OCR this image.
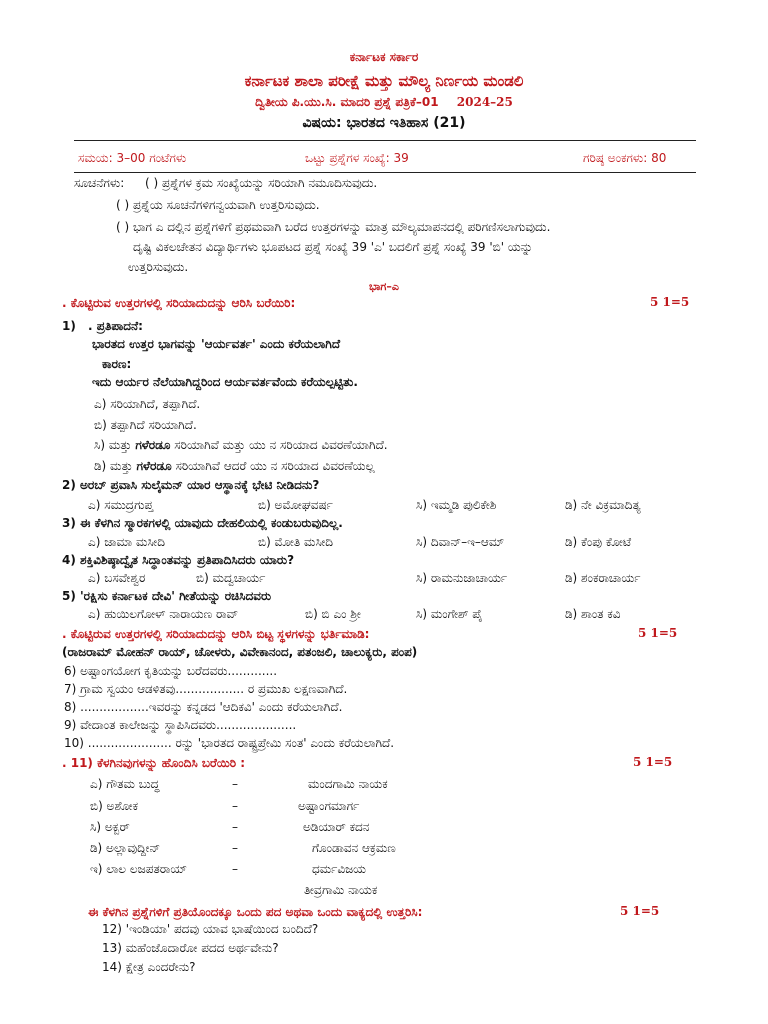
ಕರ್ನಾಟಕ ಸರ್ಕಾರ
ಕರ್ನಾಟಕ ಶಾಲಾ ಪರೀಕ್ಷೆ ಮತ್ತು ಮೌಲ್ಯ ನಿರ್ಣಯ ಮಂಡಲಿ
ದ್ವಿತೀಯ ಪಿ.ಯು.ಸಿ. ಮಾದರಿ ಪ್ರಶ್ನೆ ಪತ್ರಿಕೆ–01 2024–25
ವಿಷಯ: ಭಾರತದ ಇತಿಹಾಸ (21)
ಸಮಯ: 3–00 ಗಂಟೆಗಳು	ಒಟ್ಟು ಪ್ರಶ್ನೆಗಳ ಸಂಖ್ಯೆ: 39	ಗರಿಷ್ಠ ಅಂಕಗಳು: 80
ಸೂಚನೆಗಳು: ( ) ಪ್ರಶ್ನೆಗಳ ಕ್ರಮ ಸಂಖ್ಯೆಯನ್ನು ಸರಿಯಾಗಿ ನಮೂದಿಸುವುದು.
( ) ಪ್ರಶ್ನೆಯ ಸೂಚನೆಗಳಿಗನ್ವಯವಾಗಿ ಉತ್ತರಿಸುವುದು.
( ) ಭಾಗ ಎ ದಲ್ಲಿನ ಪ್ರಶ್ನೆಗಳಿಗೆ ಪ್ರಥಮವಾಗಿ ಬರೆದ ಉತ್ತರಗಳನ್ನು ಮಾತ್ರ ಮೌಲ್ಯಮಾಪನದಲ್ಲಿ ಪರಿಗಣಿಸಲಾಗುವುದು.
ದೃಷ್ಟಿ ವಿಕಲಚೇತನ ವಿದ್ಯಾರ್ಥಿಗಳು ಭೂಪಟದ ಪ್ರಶ್ನೆ ಸಂಖ್ಯೆ 39 'ಎ' ಬದಲಿಗೆ ಪ್ರಶ್ನೆ ಸಂಖ್ಯೆ 39 'ಬಿ' ಯನ್ನು
ಉತ್ತರಿಸುವುದು.
ಭಾಗ–ಎ
. ಕೊಟ್ಟಿರುವ ಉತ್ತರಗಳಲ್ಲಿ ಸರಿಯಾದುದನ್ನು ಆರಿಸಿ ಬರೆಯಿರಿ:	5 1=5
1) . ಪ್ರತಿಪಾದನೆ:
ಭಾರತದ ಉತ್ತರ ಭಾಗವನ್ನು 'ಆರ್ಯವರ್ತ' ಎಂದು ಕರೆಯಲಾಗಿದೆ
ಕಾರಣ:
ಇದು ಆರ್ಯರ ನೆಲೆಯಾಗಿದ್ದರಿಂದ ಆರ್ಯವರ್ತವೆಂದು ಕರೆಯಲ್ಪಟ್ಟಿತು.
ಎ) ಸರಿಯಾಗಿದೆ, ತಪ್ಪಾಗಿದೆ.
ಬಿ) ತಪ್ಪಾಗಿದೆ ಸರಿಯಾಗಿದೆ.
ಸಿ) ಮತ್ತು ಗಳೆರಡೂ ಸರಿಯಾಗಿವೆ ಮತ್ತು ಯು ನ ಸರಿಯಾದ ವಿವರಣೆಯಾಗಿದೆ.
ಡಿ) ಮತ್ತು ಗಳೆರಡೂ ಸರಿಯಾಗಿವೆ ಆದರೆ ಯು ನ ಸರಿಯಾದ ವಿವರಣೆಯಲ್ಲ
2) ಅರಬ್ ಪ್ರವಾಸಿ ಸುಲೈಮನ್ ಯಾರ ಆಸ್ಥಾನಕ್ಕೆ ಭೇಟಿ ನೀಡಿದನು?
ಎ) ಸಮುದ್ರಗುಪ್ತ	ಬಿ) ಅಮೋಘವರ್ಷ	ಸಿ) ಇಮ್ಮಡಿ ಪುಲಿಕೇಶಿ	ಡಿ) ನೇ ವಿಕ್ರಮಾದಿತ್ಯ
3) ಈ ಕೆಳಗಿನ ಸ್ಮಾರಕಗಳಲ್ಲಿ ಯಾವುದು ದೇಹಲಿಯಲ್ಲಿ ಕಂಡುಬರುವುದಿಲ್ಲ.
ಎ) ಜಾಮಾ ಮಸೀದಿ	ಬಿ) ಮೋತಿ ಮಸೀದಿ	ಸಿ) ದಿವಾನ್–ಇ–ಆಮ್	ಡಿ) ಕೆಂಪು ಕೋಟೆ
4) ಶಕ್ತಿವಿಶಿಷ್ಠಾದ್ವೈತ ಸಿದ್ಧಾಂತವನ್ನು ಪ್ರತಿಪಾದಿಸಿದರು ಯಾರು?
ಎ) ಬಸವೇಶ್ವರ	ಬಿ) ಮದ್ವಚಾರ್ಯ	ಸಿ) ರಾಮನುಜಾಚಾರ್ಯ	ಡಿ) ಶಂಕರಾಚಾರ್ಯ
5) 'ರಕ್ಷಿಸು ಕರ್ನಾಟಕ ದೇವಿ' ಗೀತೆಯನ್ನು ರಚಿಸಿದವರು
ಎ) ಹುಯಿಲಗೋಳ್ ನಾರಾಯಣ ರಾವ್	ಬಿ) ಬಿ ಎಂ ಶ್ರೀ	ಸಿ) ಮಂಗೇಶ್ ಪೈ	ಡಿ) ಶಾಂತ ಕವಿ
. ಕೊಟ್ಟಿರುವ ಉತ್ತರಗಳಲ್ಲಿ ಸರಿಯಾದುದನ್ನು ಆರಿಸಿ ಬಿಟ್ಟ ಸ್ಥಳಗಳನ್ನು ಭರ್ತಿಮಾಡಿ:	5 1=5
(ರಾಜರಾಮ್ ಮೋಹನ್ ರಾಯ್, ಚೋಳರು, ವಿವೇಕಾನಂದ, ಪತಂಜಲಿ, ಚಾಲುಕ್ಯರು, ಪಂಪ)
6) ಅಷ್ಟಾಂಗಯೋಗ ಕೃತಿಯನ್ನು ಬರೆದವರು.............
7) ಗ್ರಾಮ ಸ್ವಯಂ ಆಡಳಿತವು.................. ರ ಪ್ರಮುಖ ಲಕ್ಷಣವಾಗಿದೆ.
8) ..................ಇವರನ್ನು ಕನ್ನಡದ 'ಆದಿಕವಿ' ಎಂದು ಕರೆಯಲಾಗಿದೆ.
9) ವೇದಾಂತ ಕಾಲೇಜನ್ನು ಸ್ಥಾಪಿಸಿದವರು.....................
10) ...................... ರನ್ನು 'ಭಾರತದ ರಾಷ್ಟ್ರಪ್ರೇಮಿ ಸಂತ' ಎಂದು ಕರೆಯಲಾಗಿದೆ.
. 11) ಕೆಳಗಿನವುಗಳನ್ನು ಹೊಂದಿಸಿ ಬರೆಯಿರಿ :	5 1=5
ಎ) ಗೌತಮ ಬುದ್ಧ	–	ಮಂದಗಾಮಿ ನಾಯಕ
ಬಿ) ಅಶೋಕ	–	ಅಷ್ಟಾಂಗಮಾರ್ಗ
ಸಿ) ಅಕ್ಬರ್	–	ಅಡಿಯಾರ್ ಕದನ
ಡಿ) ಅಲ್ಲಾವುದ್ದೀನ್	–	ಗೊಂಡಾವನ ಆಕ್ರಮಣ
ಇ) ಲಾಲ ಲಜಪತರಾಯ್	–	ಧರ್ಮವಿಜಯ
ತೀವ್ರಗಾಮಿ ನಾಯಕ
ಈ ಕೆಳಗಿನ ಪ್ರಶ್ನೆಗಳಿಗೆ ಪ್ರತಿಯೊಂದಕ್ಕೂ ಒಂದು ಪದ ಅಥವಾ ಒಂದು ವಾಕ್ಯದಲ್ಲಿ ಉತ್ತರಿಸಿ:	5 1=5
12) 'ಇಂಡಿಯಾ' ಪದವು ಯಾವ ಭಾಷೆಯಿಂದ ಬಂದಿದೆ?
13) ಮಹೆಂಜೊದಾರೋ ಪದದ ಅರ್ಥವೇನು?
14) ಕ್ಷೇತ್ರ ಎಂದರೇನು?
